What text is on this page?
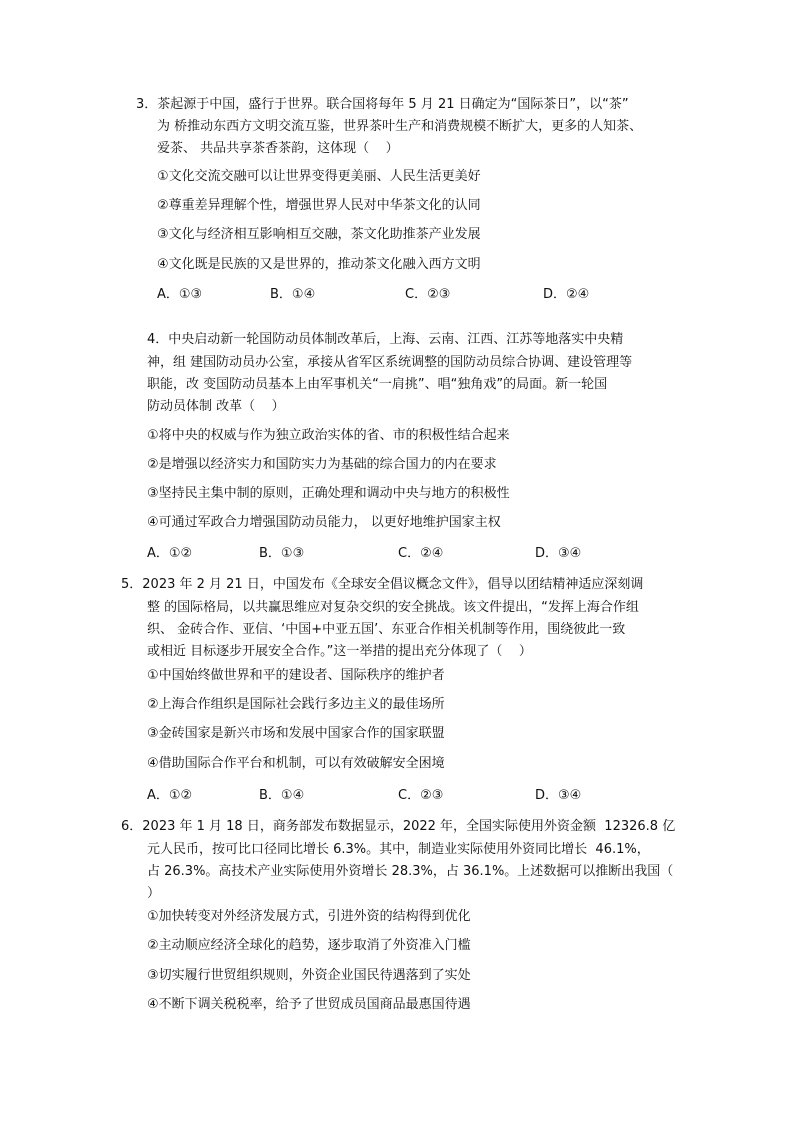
3．茶起源于中国，盛行于世界。联合国将每年 5 月 21 日确定为“国际茶日”，以“茶”
为 桥推动东西方文明交流互鉴，世界茶叶生产和消费规模不断扩大，更多的人知茶、
爱茶、 共品共享茶香茶韵，这体现（    ）
①文化交流交融可以让世界变得更美丽、人民生活更美好
②尊重差异理解个性，增强世界人民对中华茶文化的认同
③文化与经济相互影响相互交融，茶文化助推茶产业发展
④文化既是民族的又是世界的，推动茶文化融入西方文明
A．①③	B．①④	C．②③	D．②④
4．中央启动新一轮国防动员体制改革后，上海、云南、江西、江苏等地落实中央精
神，组 建国防动员办公室，承接从省军区系统调整的国防动员综合协调、建设管理等
职能，改 变国防动员基本上由军事机关“一肩挑”、唱“独角戏”的局面。新一轮国
防动员体制 改革（    ）
①将中央的权威与作为独立政治实体的省、市的积极性结合起来
②是增强以经济实力和国防实力为基础的综合国力的内在要求
③坚持民主集中制的原则，正确处理和调动中央与地方的积极性
④可通过军政合力增强国防动员能力， 以更好地维护国家主权
A．①②	B．①③	C．②④	D．③④
5．2023 年 2 月 21 日，中国发布《全球安全倡议概念文件》，倡导以团结精神适应深刻调
整 的国际格局，以共赢思维应对复杂交织的安全挑战。该文件提出，“发挥上海合作组
织、 金砖合作、亚信、‘中国+中亚五国’、东亚合作相关机制等作用，围绕彼此一致
或相近 目标逐步开展安全合作。”这一举措的提出充分体现了（    ）
①中国始终做世界和平的建设者、国际秩序的维护者
②上海合作组织是国际社会践行多边主义的最佳场所
③金砖国家是新兴市场和发展中国家合作的国家联盟
④借助国际合作平台和机制，可以有效破解安全困境
A．①②	B．①④	C．②③	D．③④
6．2023 年 1 月 18 日，商务部发布数据显示，2022 年，全国实际使用外资金额  12326.8 亿
元人民币，按可比口径同比增长 6.3%。其中，制造业实际使用外资同比增长  46.1%，
占 26.3%。高技术产业实际使用外资增长 28.3%，占 36.1%。上述数据可以推断出我国（
）
①加快转变对外经济发展方式，引进外资的结构得到优化
②主动顺应经济全球化的趋势，逐步取消了外资准入门槛
③切实履行世贸组织规则，外资企业国民待遇落到了实处
④不断下调关税税率，给予了世贸成员国商品最惠国待遇
